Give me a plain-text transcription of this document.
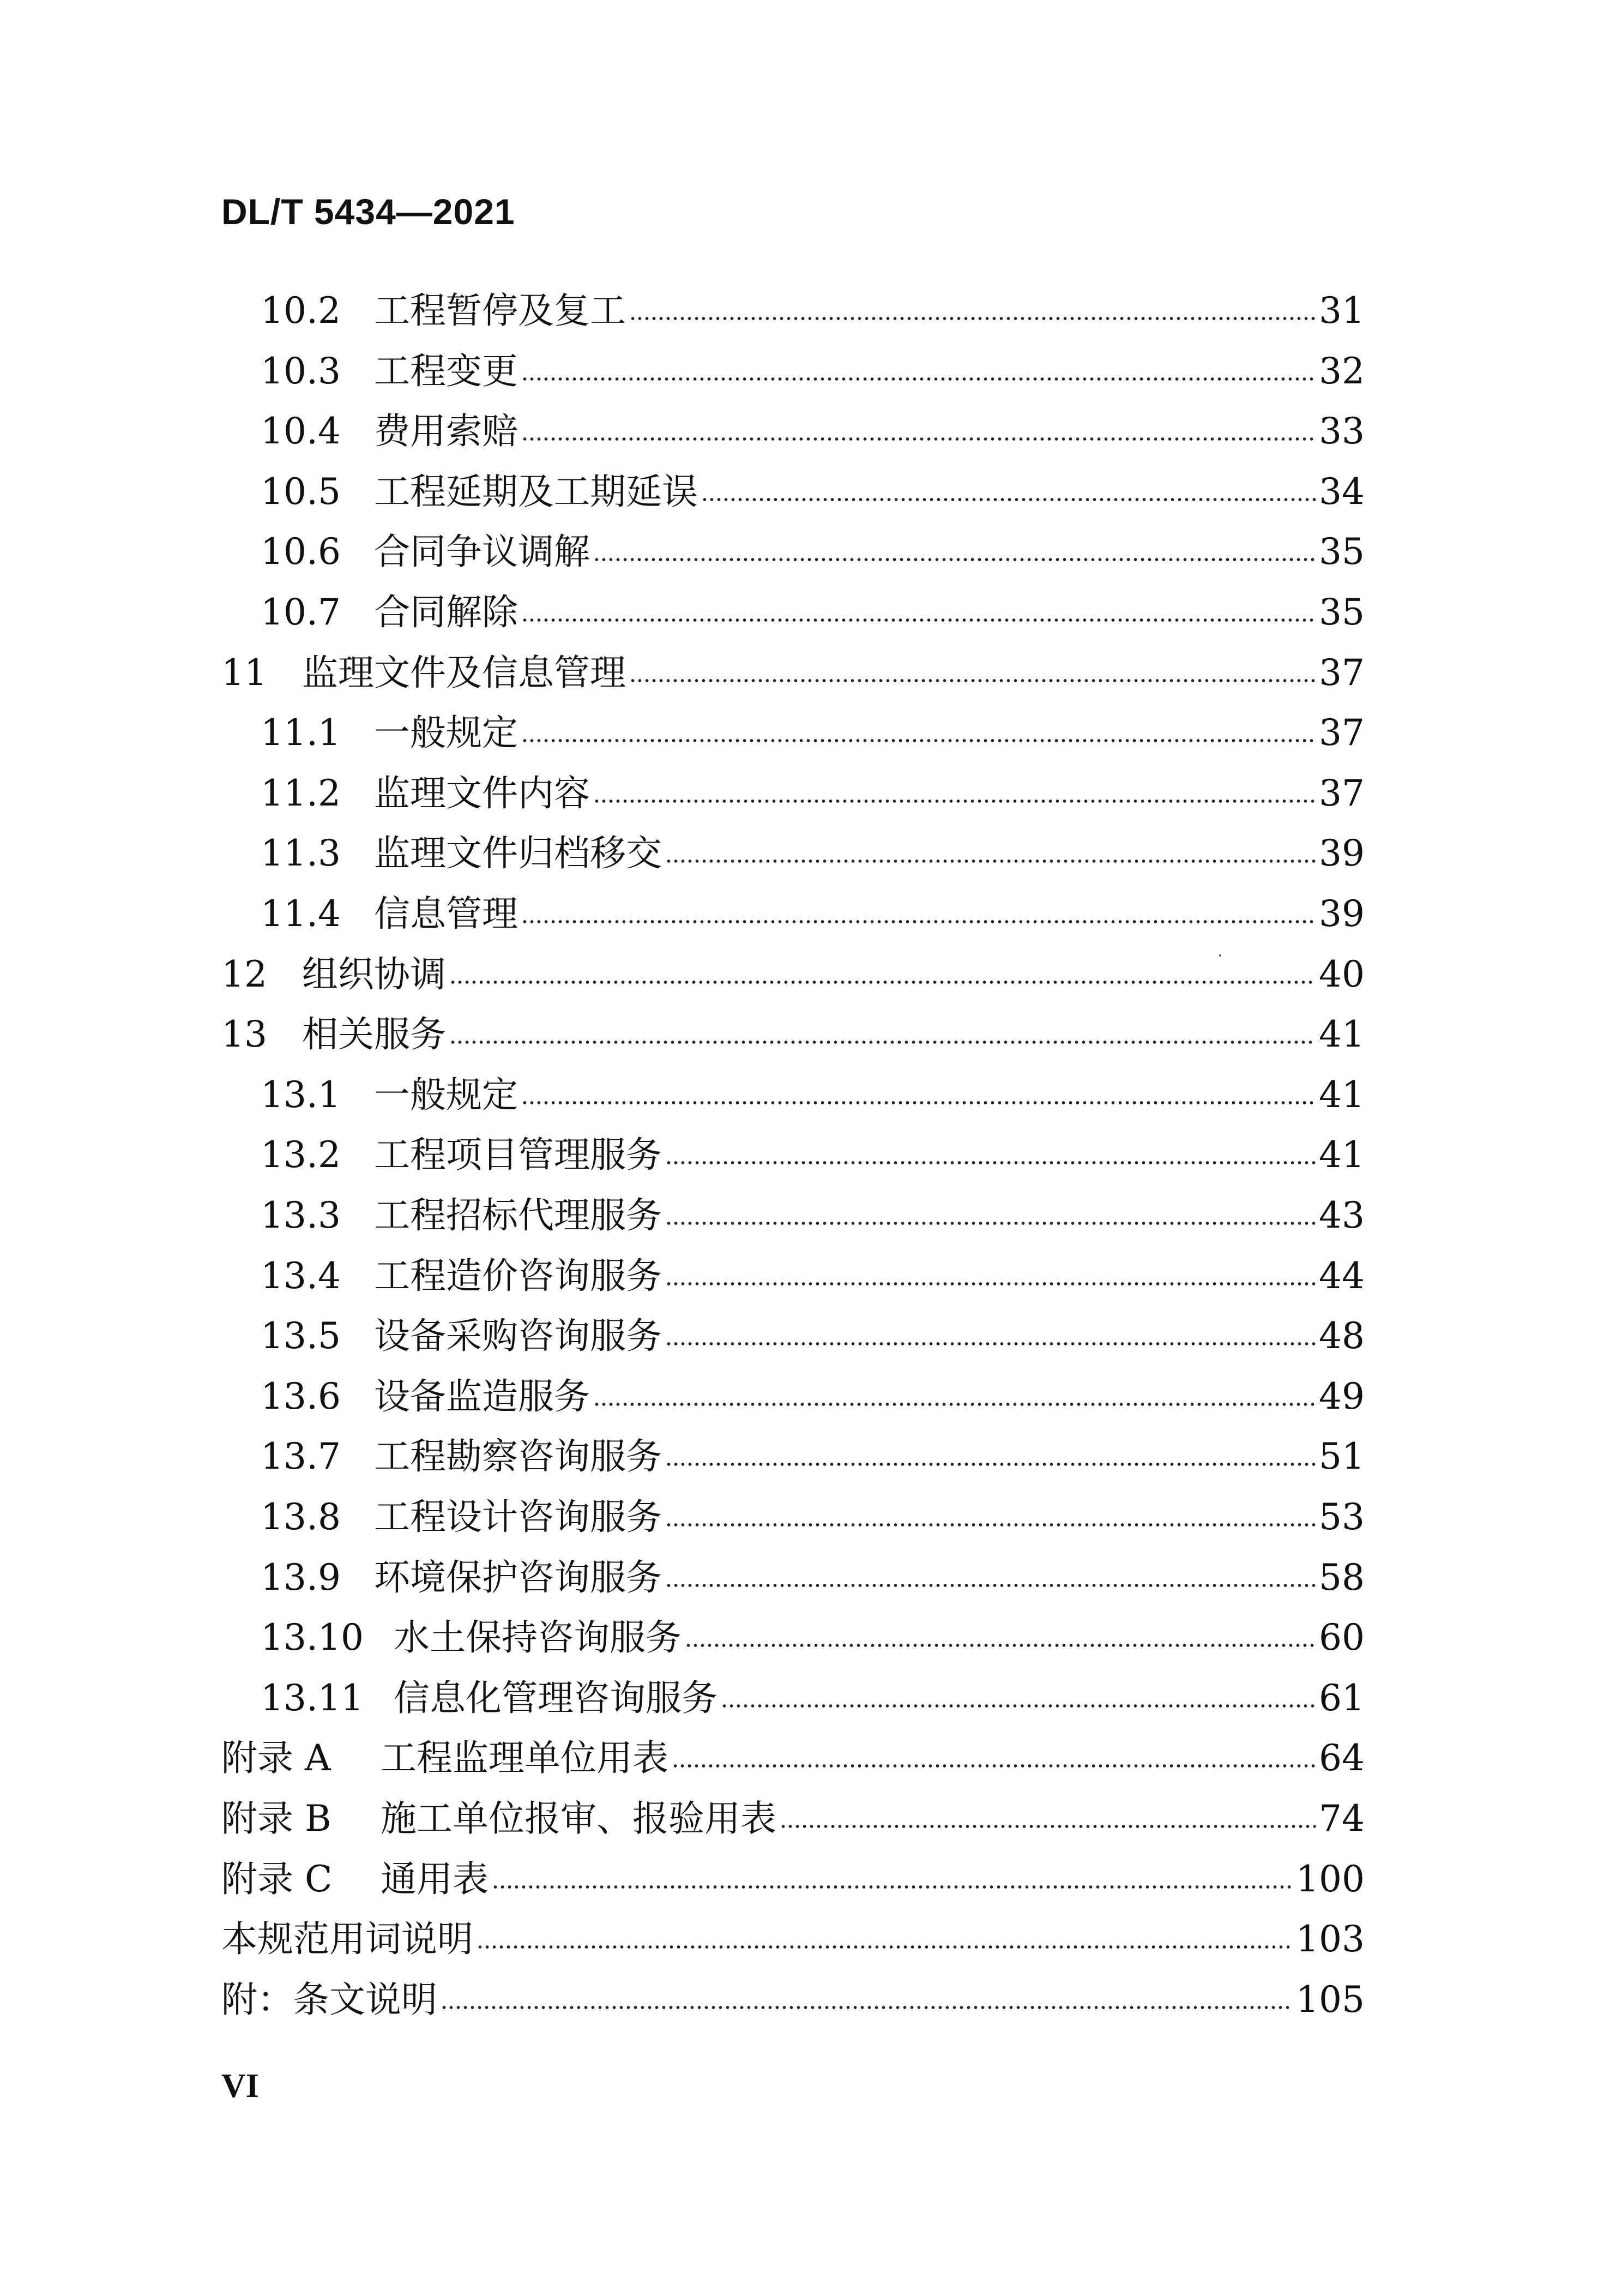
DL/T 5434—2021
10.2 工程暂停及复工	31
10.3 工程变更	32
10.4 费用索赔	33
10.5 工程延期及工期延误	34
10.6 合同争议调解	35
10.7 合同解除	35
11 监理文件及信息管理	37
11.1 一般规定	37
11.2 监理文件内容	37
11.3 监理文件归档移交	39
11.4 信息管理	39
12 组织协调	40
13 相关服务	41
13.1 一般规定	41
13.2 工程项目管理服务	41
13.3 工程招标代理服务	43
13.4 工程造价咨询服务	44
13.5 设备采购咨询服务	48
13.6 设备监造服务	49
13.7 工程勘察咨询服务	51
13.8 工程设计咨询服务	53
13.9 环境保护咨询服务	58
13.10 水土保持咨询服务	60
13.11 信息化管理咨询服务	61
附录 A	工程监理单位用表	64
附录 B	施工单位报审、报验用表	74
附录 C	通用表	100
本规范用词说明	103
附：条文说明	105
VI
